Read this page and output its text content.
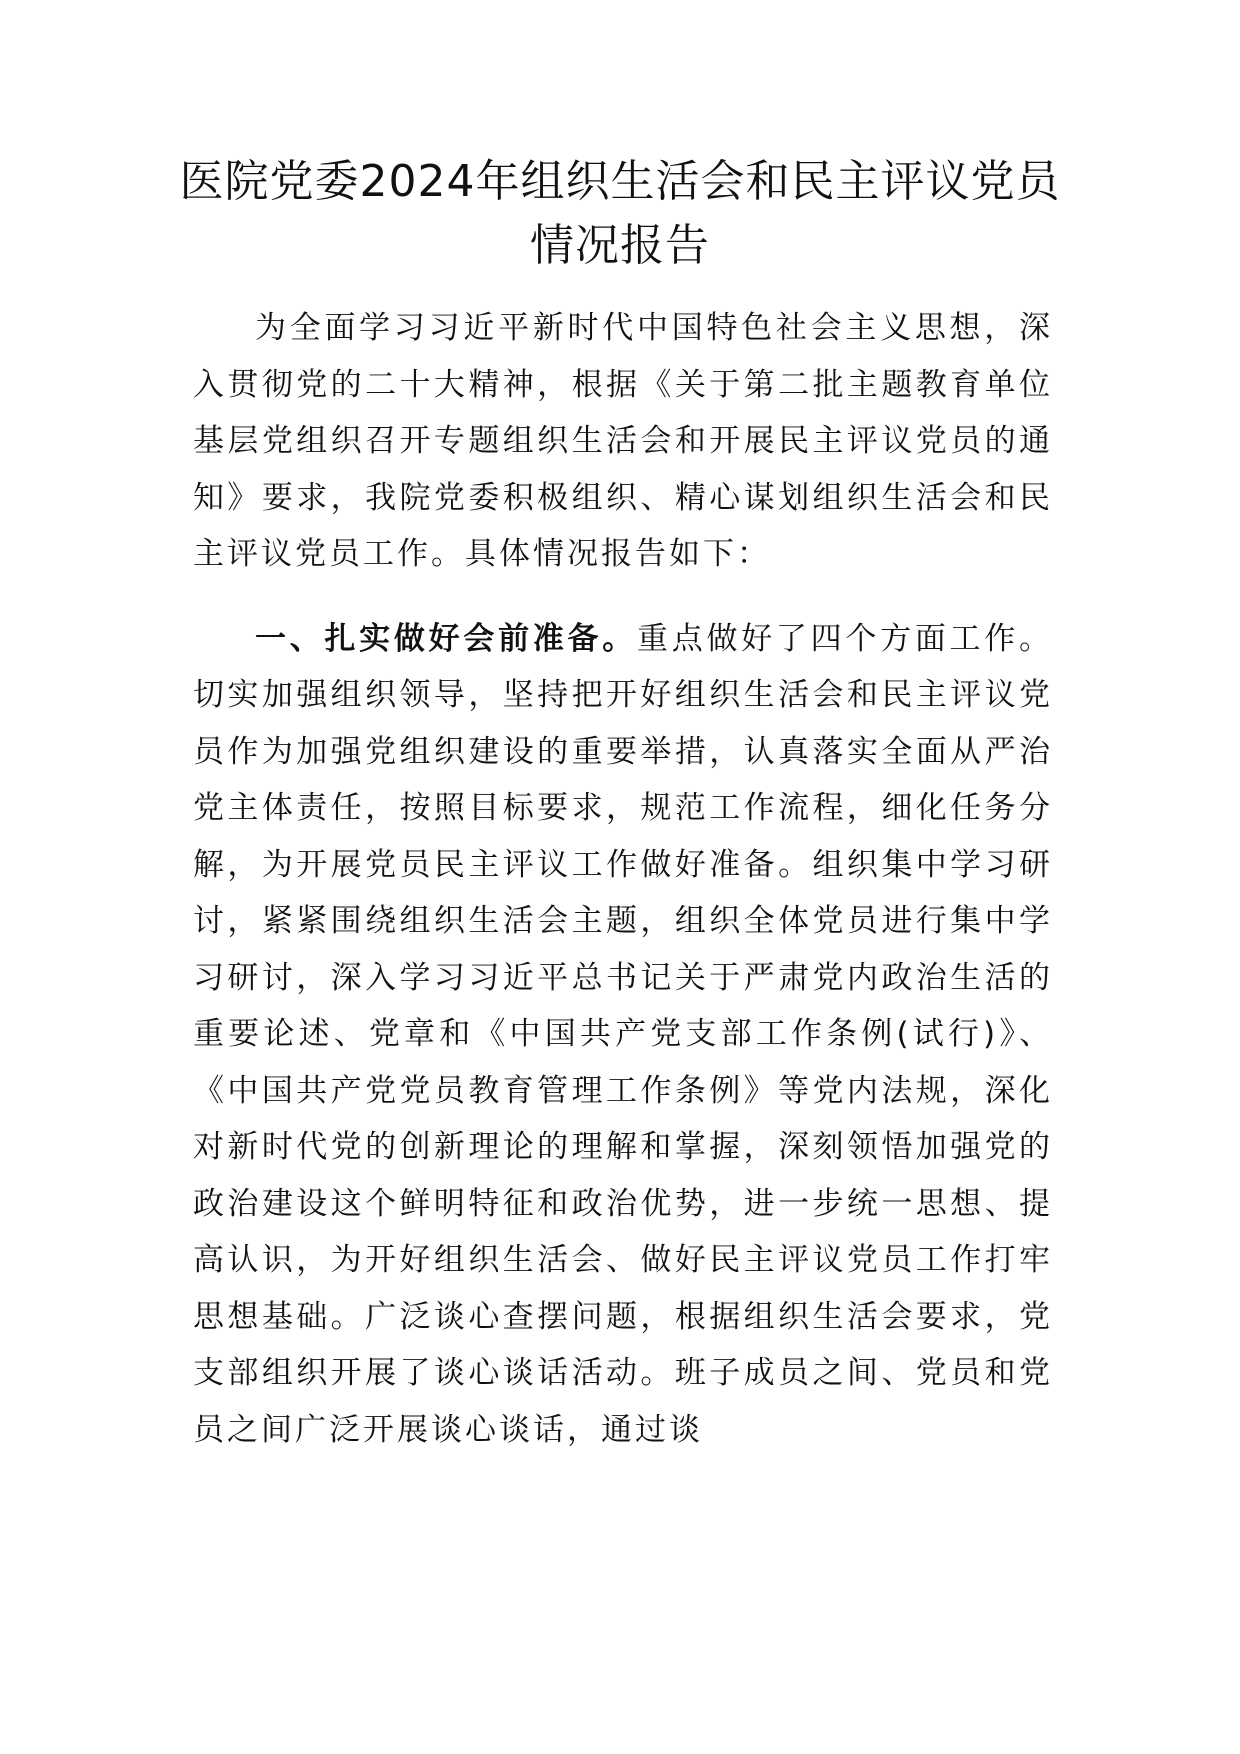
医院党委2024年组织生活会和民主评议党员情况报告

为全面学习习近平新时代中国特色社会主义思想，深入贯彻党的二十大精神，根据《关于第二批主题教育单位基层党组织召开专题组织生活会和开展民主评议党员的通知》要求，我院党委积极组织、精心谋划组织生活会和民主评议党员工作。具体情况报告如下：

一、扎实做好会前准备。重点做好了四个方面工作。切实加强组织领导，坚持把开好组织生活会和民主评议党员作为加强党组织建设的重要举措，认真落实全面从严治党主体责任，按照目标要求，规范工作流程，细化任务分解，为开展党员民主评议工作做好准备。组织集中学习研讨，紧紧围绕组织生活会主题，组织全体党员进行集中学习研讨，深入学习习近平总书记关于严肃党内政治生活的重要论述、党章和《中国共产党支部工作条例(试行)》、《中国共产党党员教育管理工作条例》等党内法规，深化对新时代党的创新理论的理解和掌握，深刻领悟加强党的政治建设这个鲜明特征和政治优势，进一步统一思想、提高认识，为开好组织生活会、做好民主评议党员工作打牢思想基础。广泛谈心查摆问题，根据组织生活会要求，党支部组织开展了谈心谈话活动。班子成员之间、党员和党员之间广泛开展谈心谈话，通过谈
